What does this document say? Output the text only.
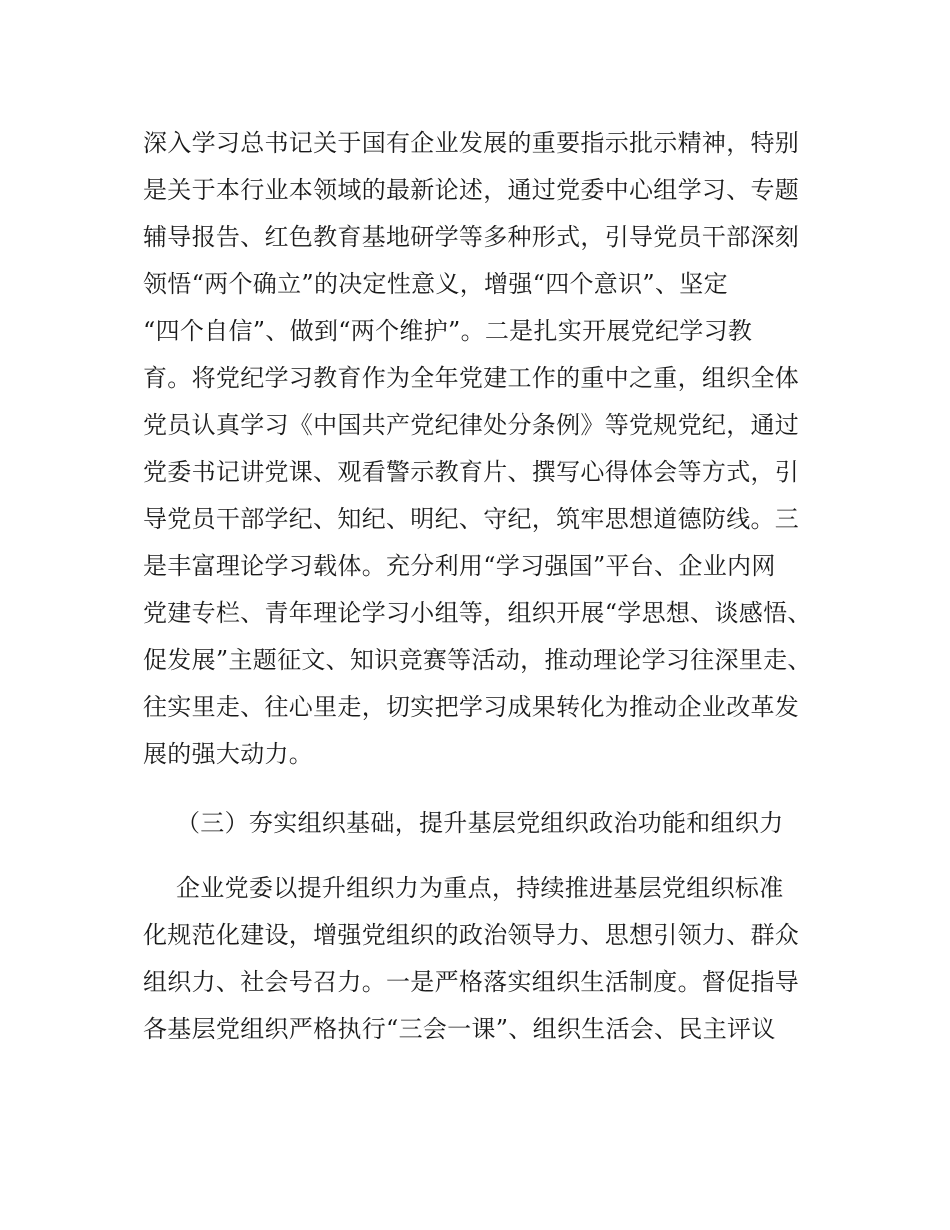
深入学习总书记关于国有企业发展的重要指示批示精神，特别
是关于本行业本领域的最新论述，通过党委中心组学习、专题
辅导报告、红色教育基地研学等多种形式，引导党员干部深刻
领悟“两个确立”的决定性意义，增强“四个意识”、坚定
“四个自信”、做到“两个维护”。二是扎实开展党纪学习教
育。将党纪学习教育作为全年党建工作的重中之重，组织全体
党员认真学习《中国共产党纪律处分条例》等党规党纪，通过
党委书记讲党课、观看警示教育片、撰写心得体会等方式，引
导党员干部学纪、知纪、明纪、守纪，筑牢思想道德防线。三
是丰富理论学习载体。充分利用“学习强国”平台、企业内网
党建专栏、青年理论学习小组等，组织开展“学思想、谈感悟、
促发展”主题征文、知识竞赛等活动，推动理论学习往深里走、
往实里走、往心里走，切实把学习成果转化为推动企业改革发
展的强大动力。
（三）夯实组织基础，提升基层党组织政治功能和组织力
企业党委以提升组织力为重点，持续推进基层党组织标准
化规范化建设，增强党组织的政治领导力、思想引领力、群众
组织力、社会号召力。一是严格落实组织生活制度。督促指导
各基层党组织严格执行“三会一课”、组织生活会、民主评议
